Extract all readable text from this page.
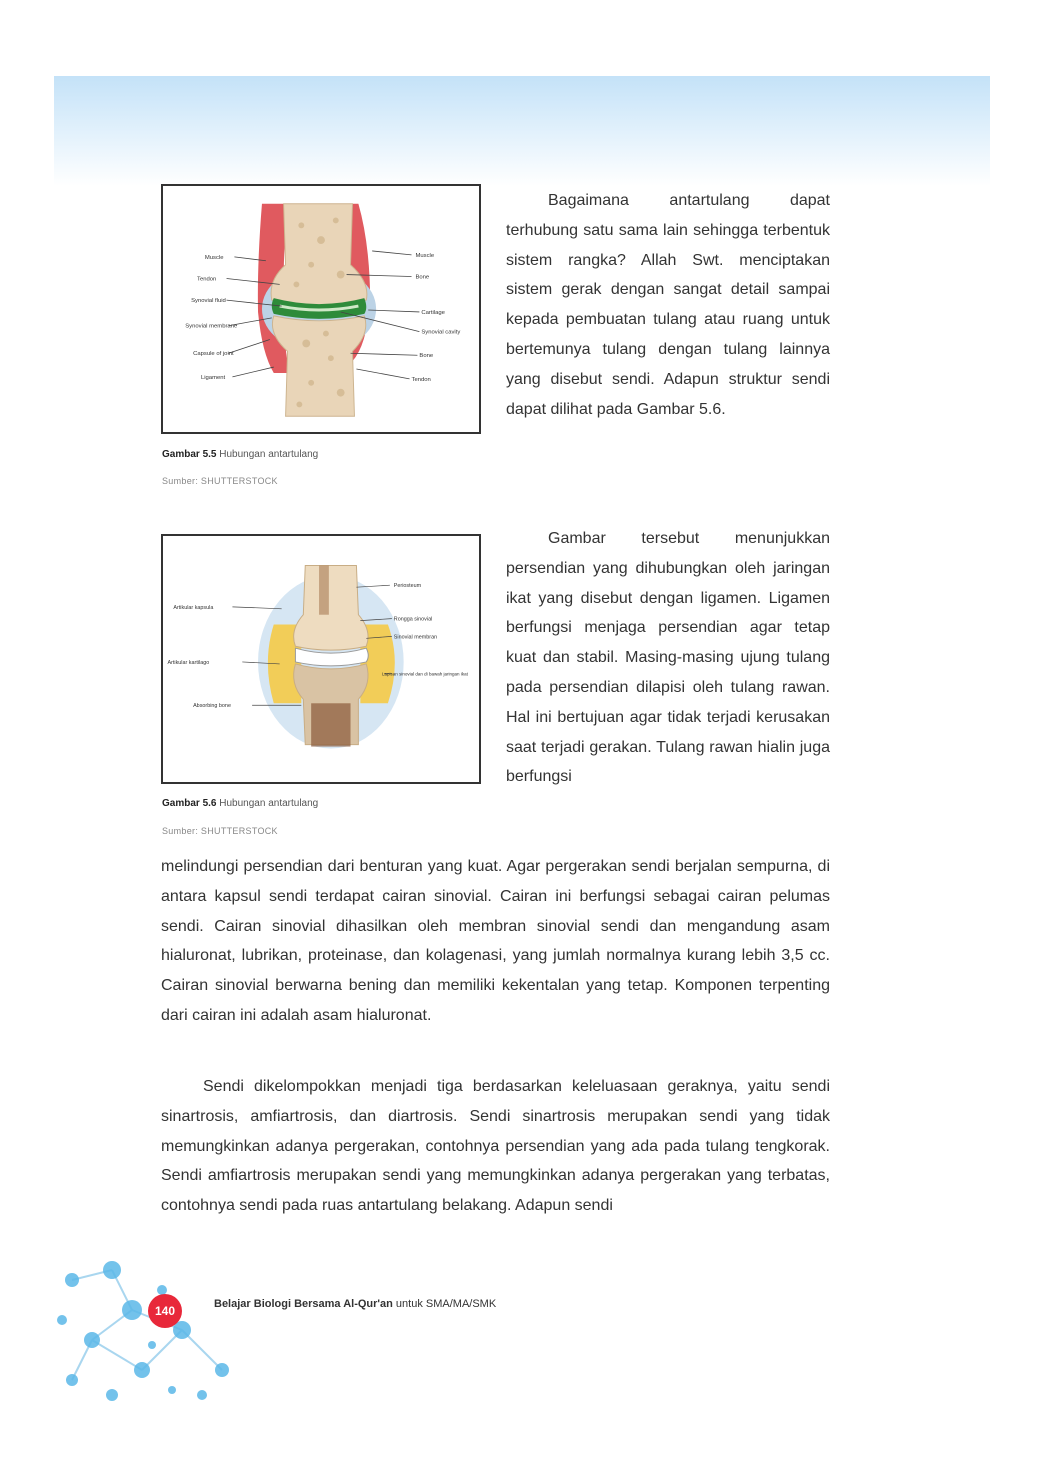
Muscle
Tendon
Synovial fluid
Synovial membrane
Capsule of joint
Ligament
Muscle
Bone
Cartilage
Synovial cavity
Bone
Tendon
Gambar 5.5 Hubungan antartulang
Sumber: SHUTTERSTOCK
Artikular kapsula
Artikular kartilago
Absorbing bone
Periosteum
Rongga sinovial
Sinovial membran
Lapisan sinovial dan di bawah jaringan ikat
Gambar 5.6 Hubungan antartulang
Sumber: SHUTTERSTOCK

Bagaimana antartulang dapat terhubung satu sama lain sehingga terbentuk sistem rangka? Allah Swt. menciptakan sistem gerak dengan sangat detail sampai kepada pembuatan tulang atau ruang untuk bertemunya tulang dengan tulang lainnya yang disebut sendi. Adapun struktur sendi dapat dilihat pada Gambar 5.6.

Gambar tersebut menunjukkan persendian yang dihubungkan oleh jaringan ikat yang disebut dengan ligamen. Ligamen berfungsi menjaga persendian agar tetap kuat dan stabil. Masing-masing ujung tulang pada persendian dilapisi oleh tulang rawan. Hal ini bertujuan agar tidak terjadi kerusakan saat terjadi gerakan. Tulang rawan hialin juga berfungsi

melindungi persendian dari benturan yang kuat. Agar pergerakan sendi berjalan sempurna, di antara kapsul sendi terdapat cairan sinovial. Cairan ini berfungsi sebagai cairan pelumas sendi. Cairan sinovial dihasilkan oleh membran sinovial sendi dan mengandung asam hialuronat, lubrikan, proteinase, dan kolagenasi, yang jumlah normalnya kurang lebih 3,5 cc. Cairan sinovial berwarna bening dan memiliki kekentalan yang tetap. Komponen terpenting dari cairan ini adalah asam hialuronat.

Sendi dikelompokkan menjadi tiga berdasarkan keleluasaan geraknya, yaitu sendi sinartrosis, amfiartrosis, dan diartrosis. Sendi sinartrosis merupakan sendi yang tidak memungkinkan adanya pergerakan, contohnya persendian yang ada pada tulang tengkorak. Sendi amfiartrosis merupakan sendi yang memungkinkan adanya pergerakan yang terbatas, contohnya sendi pada ruas antartulang belakang. Adapun sendi

140	Belajar Biologi Bersama Al-Qur'an untuk SMA/MA/SMK
